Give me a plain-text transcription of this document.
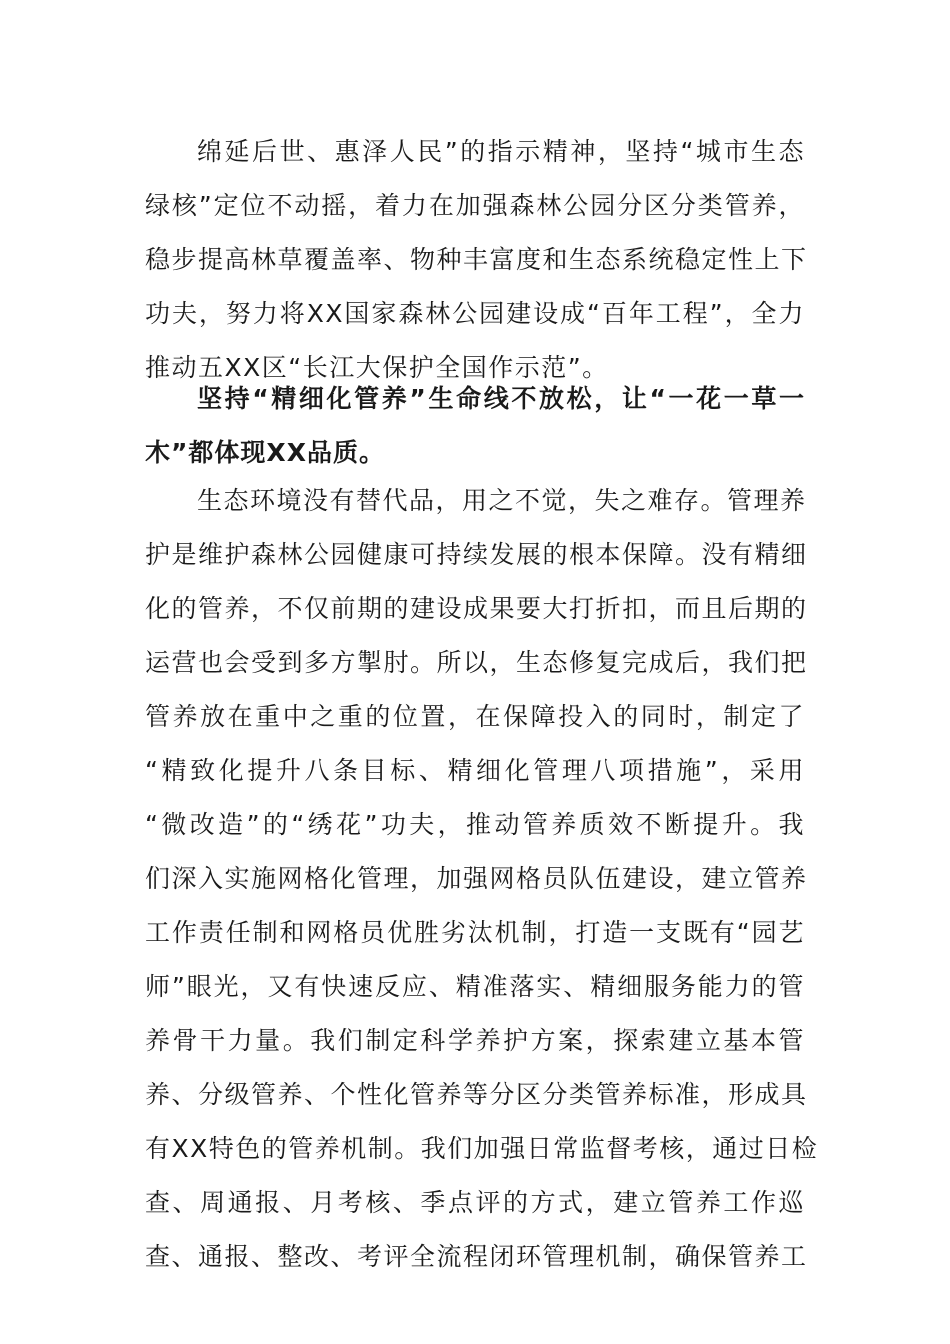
绵延后世、惠泽人民”的指示精神，坚持“城市生态
绿核”定位不动摇，着力在加强森林公园分区分类管养，
稳步提高林草覆盖率、物种丰富度和生态系统稳定性上下
功夫，努力将XX国家森林公园建设成“百年工程”，全力
推动五XX区“长江大保护全国作示范”。
坚持“精细化管养”生命线不放松，让“一花一草一
木”都体现XX品质。
生态环境没有替代品，用之不觉，失之难存。管理养
护是维护森林公园健康可持续发展的根本保障。没有精细
化的管养，不仅前期的建设成果要大打折扣，而且后期的
运营也会受到多方掣肘。所以，生态修复完成后，我们把
管养放在重中之重的位置，在保障投入的同时，制定了
“精致化提升八条目标、精细化管理八项措施”，采用
“微改造”的“绣花”功夫，推动管养质效不断提升。我
们深入实施网格化管理，加强网格员队伍建设，建立管养
工作责任制和网格员优胜劣汰机制，打造一支既有“园艺
师”眼光，又有快速反应、精准落实、精细服务能力的管
养骨干力量。我们制定科学养护方案，探索建立基本管
养、分级管养、个性化管养等分区分类管养标准，形成具
有XX特色的管养机制。我们加强日常监督考核，通过日检
查、周通报、月考核、季点评的方式，建立管养工作巡
查、通报、整改、考评全流程闭环管理机制，确保管养工
